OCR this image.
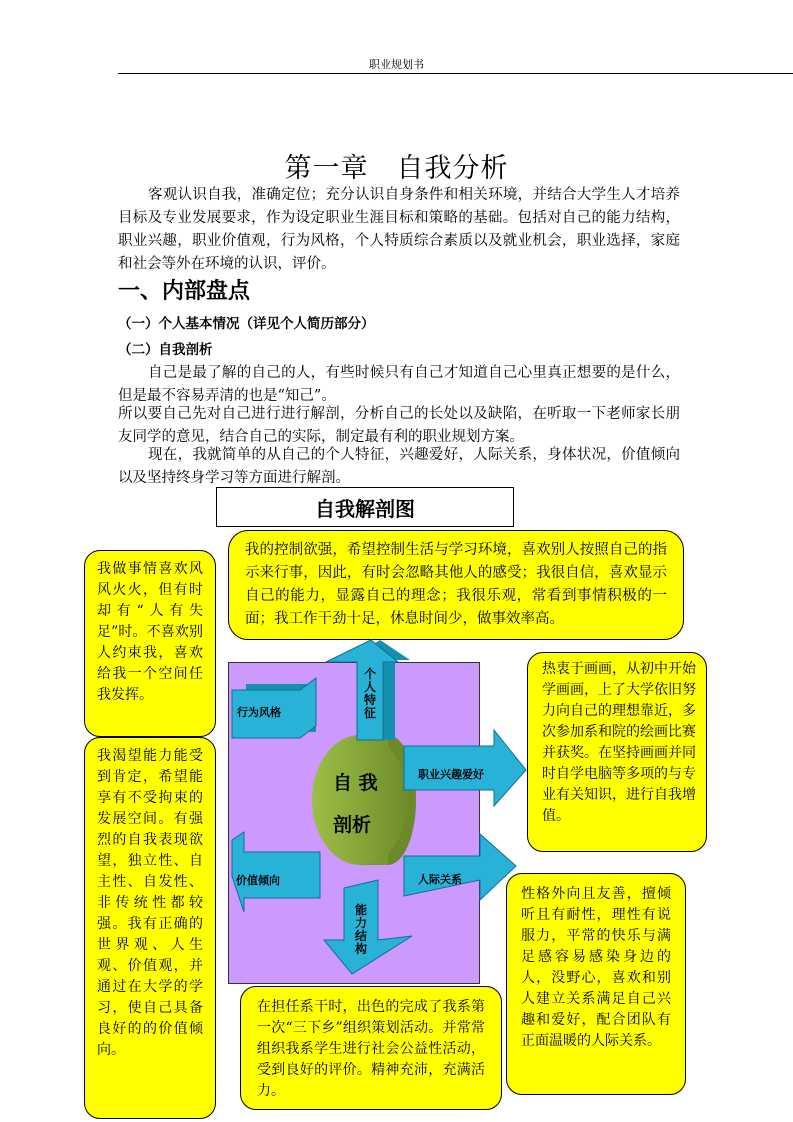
职业规划书
第一章　自我分析
客观认识自我，准确定位；充分认识自身条件和相关环境，并结合大学生人才培养目标及专业发展要求，作为设定职业生涯目标和策略的基础。包括对自己的能力结构，职业兴趣，职业价值观，行为风格，个人特质综合素质以及就业机会，职业选择，家庭和社会等外在环境的认识，评价。
一、内部盘点
（一）个人基本情况（详见个人简历部分）
（二）自我剖析
自己是最了解的自己的人，有些时候只有自己才知道自己心里真正想要的是什么，但是最不容易弄清的也是“知己”。
所以要自己先对自己进行进行解剖，分析自己的长处以及缺陷，在听取一下老师家长朋友同学的意见，结合自己的实际，制定最有利的职业规划方案。
现在，我就简单的从自己的个人特征，兴趣爱好，人际关系，身体状况，价值倾向以及坚持终身学习等方面进行解剖。
自我解剖图
我的控制欲强，希望控制生活与学习环境，喜欢别人按照自己的指示来行事，因此，有时会忽略其他人的感受；我很自信，喜欢显示自己的能力，显露自己的理念；我很乐观，常看到事情积极的一面；我工作干劲十足，休息时间少，做事效率高。
我做事情喜欢风风火火，但有时却有“人有失足”时。不喜欢别人约束我，喜欢给我一个空间任我发挥。
我渴望能力能受到肯定，希望能享有不受拘束的发展空间。有强烈的自我表现欲望，独立性、自主性、自发性、非传统性都较强。我有正确的世界观、人生观、价值观，并通过在大学的学习，使自己具备良好的的价值倾向。
热衷于画画，从初中开始学画画，上了大学依旧努力向自己的理想靠近，多次参加系和院的绘画比赛并获奖。在坚持画画并同时自学电脑等多项的与专业有关知识，进行自我增值。
性格外向且友善，擅倾听且有耐性，理性有说服力，平常的快乐与满足感容易感染身边的人，没野心，喜欢和别人建立关系满足自己兴趣和爱好，配合团队有正面温暖的人际关系。
在担任系干时，出色的完成了我系第一次“三下乡”组织策划活动。并常常组织我系学生进行社会公益性活动，受到良好的评价。精神充沛，充满活力。
行为风格
个人特征
职业兴趣爱好
价值倾向	人际关系
能力结构
自 我
剖析
